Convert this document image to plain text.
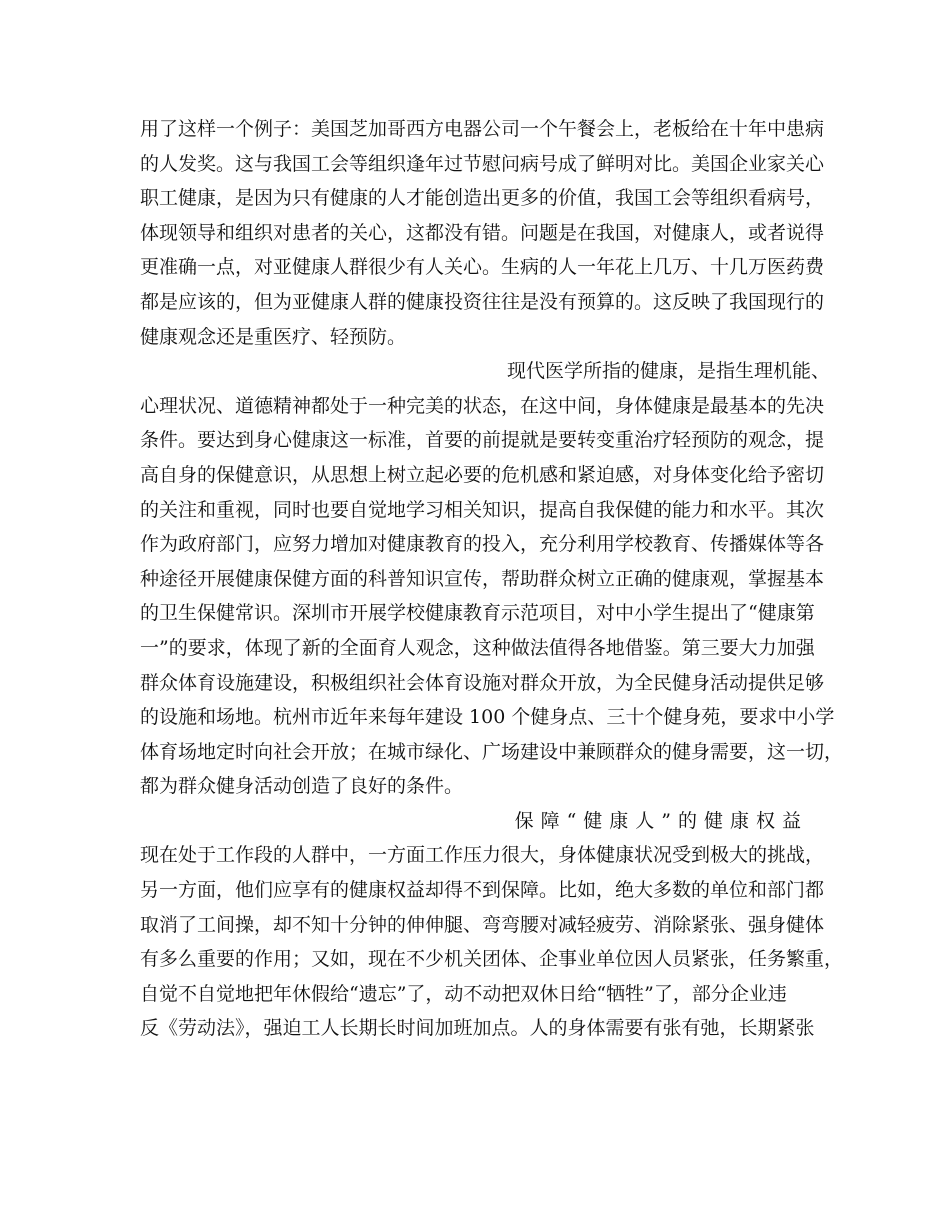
用了这样一个例子：美国芝加哥西方电器公司一个午餐会上，老板给在十年中患病
的人发奖。这与我国工会等组织逢年过节慰问病号成了鲜明对比。美国企业家关心
职工健康，是因为只有健康的人才能创造出更多的价值，我国工会等组织看病号，
体现领导和组织对患者的关心，这都没有错。问题是在我国，对健康人，或者说得
更准确一点，对亚健康人群很少有人关心。生病的人一年花上几万、十几万医药费
都是应该的，但为亚健康人群的健康投资往往是没有预算的。这反映了我国现行的
健康观念还是重医疗、轻预防。
现代医学所指的健康，是指生理机能、
心理状况、道德精神都处于一种完美的状态，在这中间，身体健康是最基本的先决
条件。要达到身心健康这一标准，首要的前提就是要转变重治疗轻预防的观念，提
高自身的保健意识，从思想上树立起必要的危机感和紧迫感，对身体变化给予密切
的关注和重视，同时也要自觉地学习相关知识，提高自我保健的能力和水平。其次
作为政府部门，应努力增加对健康教育的投入，充分利用学校教育、传播媒体等各
种途径开展健康保健方面的科普知识宣传，帮助群众树立正确的健康观，掌握基本
的卫生保健常识。深圳市开展学校健康教育示范项目，对中小学生提出了“健康第
一”的要求，体现了新的全面育人观念，这种做法值得各地借鉴。第三要大力加强
群众体育设施建设，积极组织社会体育设施对群众开放，为全民健身活动提供足够
的设施和场地。杭州市近年来每年建设 100 个健身点、三十个健身苑，要求中小学
体育场地定时向社会开放；在城市绿化、广场建设中兼顾群众的健身需要，这一切，
都为群众健身活动创造了良好的条件。
保障“健康人”的健康权益
现在处于工作段的人群中，一方面工作压力很大，身体健康状况受到极大的挑战，
另一方面，他们应享有的健康权益却得不到保障。比如，绝大多数的单位和部门都
取消了工间操，却不知十分钟的伸伸腿、弯弯腰对减轻疲劳、消除紧张、强身健体
有多么重要的作用；又如，现在不少机关团体、企事业单位因人员紧张，任务繁重，
自觉不自觉地把年休假给“遗忘”了，动不动把双休日给“牺牲”了，部分企业违
反《劳动法》，强迫工人长期长时间加班加点。人的身体需要有张有弛，长期紧张
